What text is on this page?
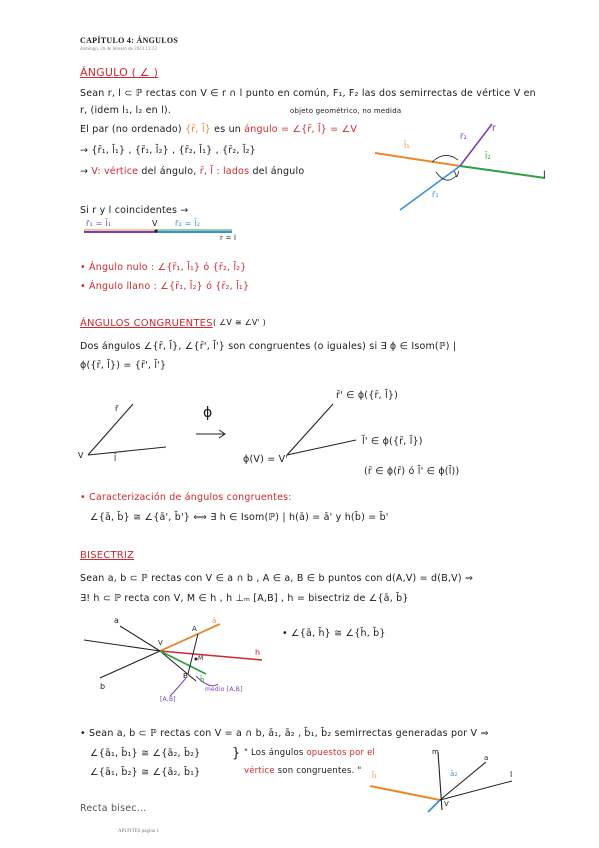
CAPÍTULO 4: ÁNGULOS
domingo, 26 de febrero de 2023 13:13
ÁNGULO ( ∠ )
Sean r, l ⊂ ℙ rectas con V ∈ r ∩ l punto en común, F₁, F₂ las dos semirrectas de vértice V en
r, (idem l₁, l₂ en l).	objeto geométrico, no medida
El par (no ordenado) {r̄, l̄} es un ángulo = ∠{r̄, l̄} = ∠V
→ {r̄₁, l̄₁} , {r̄₁, l̄₂} , {r̄₂, l̄₁} , {r̄₂, l̄₂}
→ V: vértice del ángulo, r̄, l̄ : lados del ángulo
l̄₁
l̄₂
r̄₂
r̄₁
r
l
V
Si r y l coincidentes →
r̄₁ = l̄₁	r̄₂ = l̄₂
V
r = l
• Ángulo nulo : ∠{r̄₁, l̄₁} ó {r̄₂, l̄₂}
• Ángulo llano : ∠{r̄₁, l̄₂} ó {r̄₂, l̄₁}
ÁNGULOS CONGRUENTES ( ∠V ≅ ∠V' )
Dos ángulos ∠{r̄, l̄}, ∠{r̄', l̄'} son congruentes (o iguales) si ∃ ϕ ∈ Isom(ℙ) |
ϕ({r̄, l̄}) = {r̄', l̄'}
r̄
l̄
V
ϕ
r̄' ∈ ϕ({r̄, l̄})
l̄' ∈ ϕ({r̄, l̄})
ϕ(V) = V'
(r̄ ∈ ϕ(r̄) ó l̄' ∈ ϕ(l̄))
• Caracterización de ángulos congruentes:
∠{ā, b̄} ≅ ∠{ā', b̄'} ⟺ ∃ h ∈ Isom(ℙ) | h(ā) = ā' y h(b̄) = b̄'
BISECTRIZ
Sean a, b ⊂ ℙ rectas con V ∈ a ∩ b , A ∈ a, B ∈ b puntos con d(A,V) = d(B,V) ⇒
∃! h ⊂ ℙ recta con V, M ∈ h , h ⊥ₘ [A,B] , h = bisectriz de ∠{ā, b̄}
a
b
h
V
A
B
M
ā
b̄
[A,B]
medio [A,B]
• ∠{ā, h̄} ≅ ∠{h̄, b̄}
• Sean a, b ⊂ ℙ rectas con V = a ∩ b, ā₁, ā₂ , b̄₁, b̄₂ semirrectas generadas por V ⇒
∠{ā₁, b̄₁} ≅ ∠{ā₂, b̄₂}
∠{ā₁, b̄₂} ≅ ∠{ā₂, b̄₁}
} " Los ángulos opuestos por el
vértice son congruentes. "
m
a
l
V
l̄₁	ā₂
Recta bisec...
APUNTES página 1
